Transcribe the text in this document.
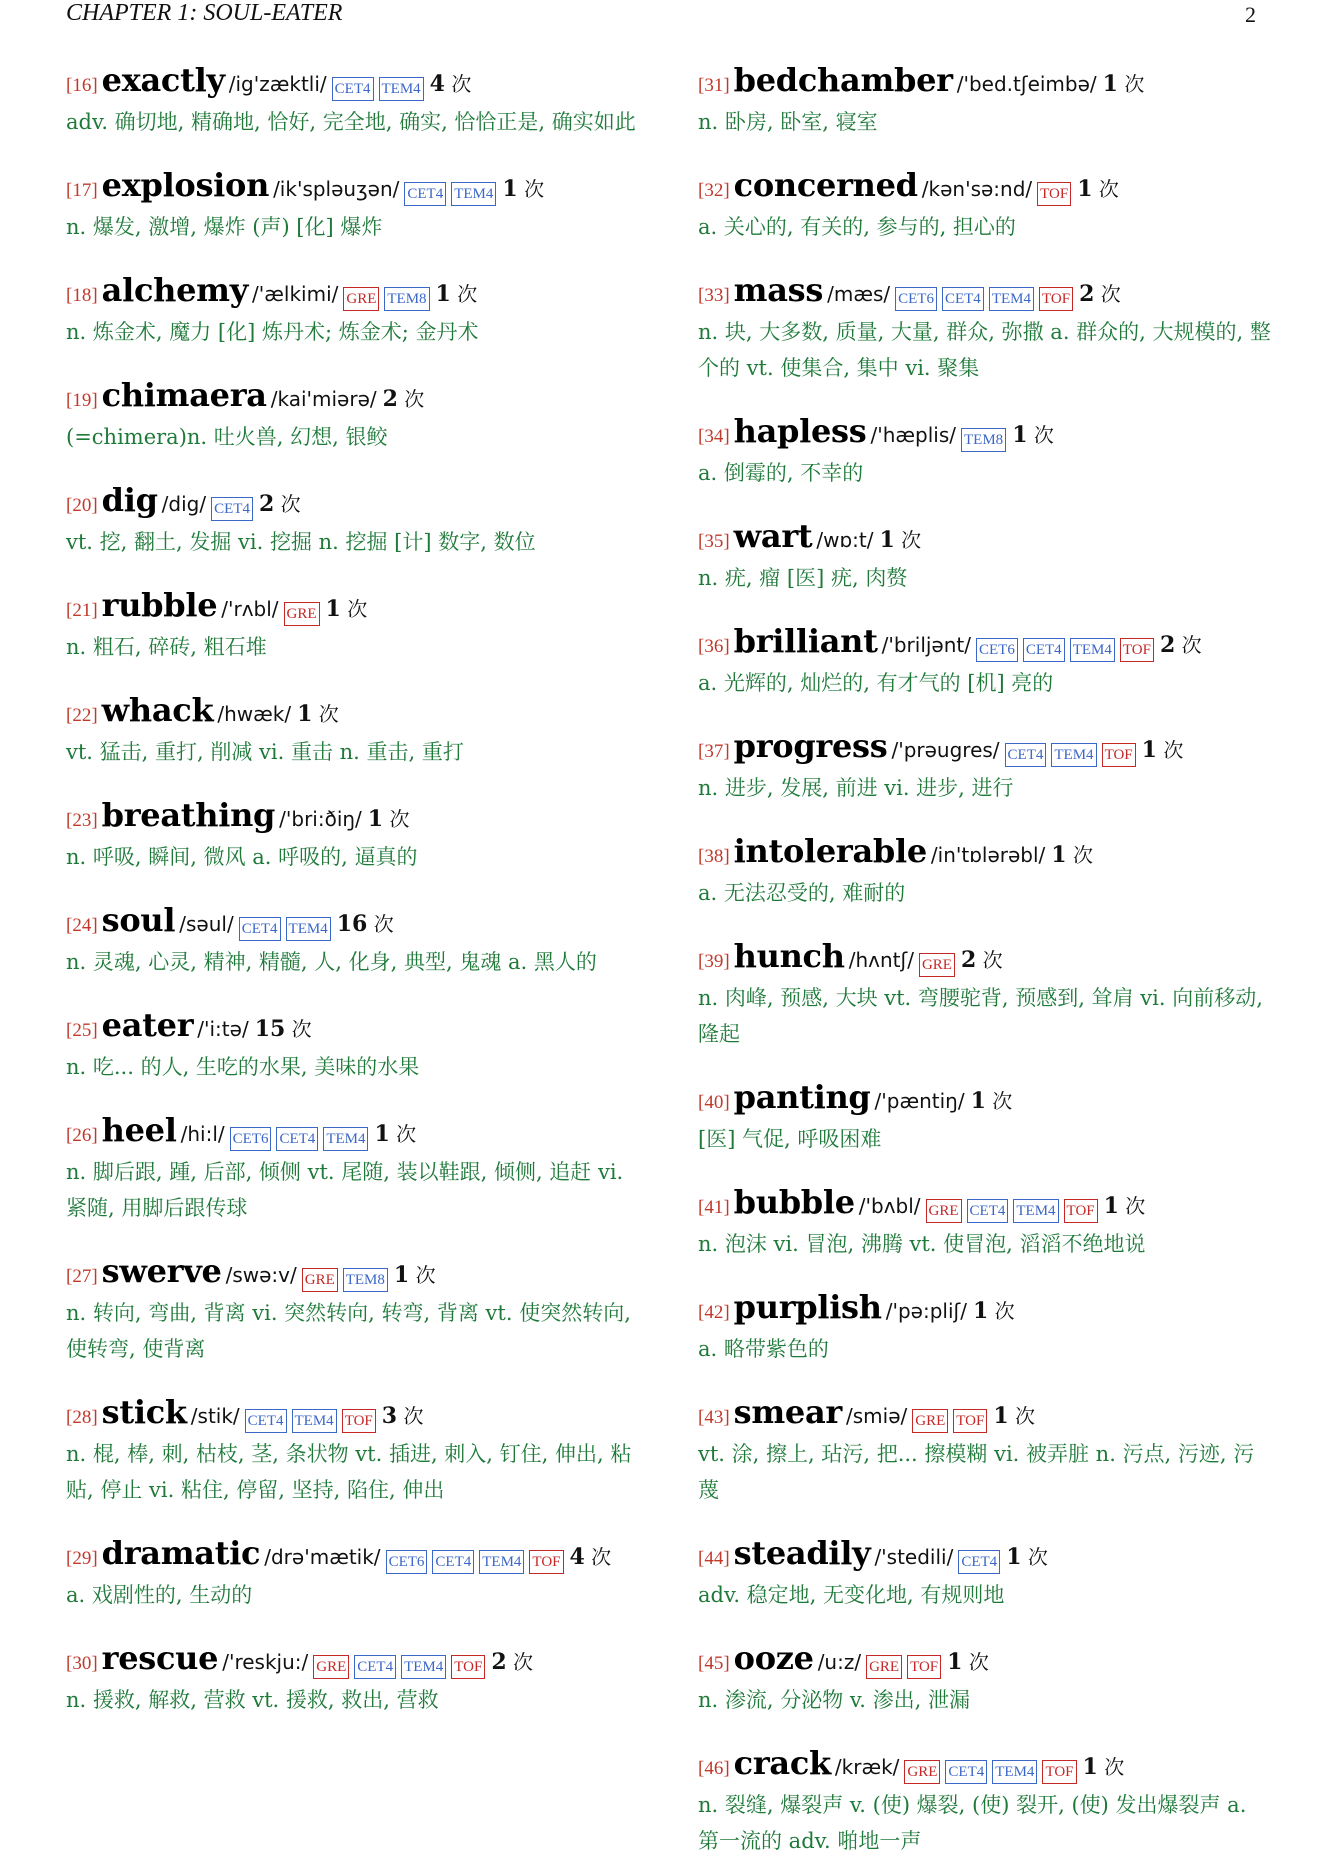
CHAPTER 1: SOUL-EATER	2
[16] exactly /ig'zæktli/ CET4 TEM4 4 次
adv. 确切地, 精确地, 恰好, 完全地, 确实, 恰恰正是, 确实如此
[17] explosion /ik'spləuʒən/ CET4 TEM4 1 次
n. 爆发, 激增, 爆炸 (声) [化] 爆炸
[18] alchemy /'ælkimi/ GRE TEM8 1 次
n. 炼金术, 魔力 [化] 炼丹术; 炼金术; 金丹术
[19] chimaera /kai'miərə/ 2 次
(=chimera)n. 吐火兽, 幻想, 银鲛
[20] dig /dig/ CET4 2 次
vt. 挖, 翻土, 发掘 vi. 挖掘 n. 挖掘 [计] 数字, 数位
[21] rubble /'rʌbl/ GRE 1 次
n. 粗石, 碎砖, 粗石堆
[22] whack /hwæk/ 1 次
vt. 猛击, 重打, 削减 vi. 重击 n. 重击, 重打
[23] breathing /'bri:ðiŋ/ 1 次
n. 呼吸, 瞬间, 微风 a. 呼吸的, 逼真的
[24] soul /səul/ CET4 TEM4 16 次
n. 灵魂, 心灵, 精神, 精髓, 人, 化身, 典型, 鬼魂 a. 黑人的
[25] eater /'i:tə/ 15 次
n. 吃... 的人, 生吃的水果, 美味的水果
[26] heel /hi:l/ CET6 CET4 TEM4 1 次
n. 脚后跟, 踵, 后部, 倾侧 vt. 尾随, 装以鞋跟, 倾侧, 追赶 vi. 紧随, 用脚后跟传球
[27] swerve /swə:v/ GRE TEM8 1 次
n. 转向, 弯曲, 背离 vi. 突然转向, 转弯, 背离 vt. 使突然转向, 使转弯, 使背离
[28] stick /stik/ CET4 TEM4 TOF 3 次
n. 棍, 棒, 刺, 枯枝, 茎, 条状物 vt. 插进, 刺入, 钉住, 伸出, 粘贴, 停止 vi. 粘住, 停留, 坚持, 陷住, 伸出
[29] dramatic /drə'mætik/ CET6 CET4 TEM4 TOF 4 次
a. 戏剧性的, 生动的
[30] rescue /'reskju:/ GRE CET4 TEM4 TOF 2 次
n. 援救, 解救, 营救 vt. 援救, 救出, 营救
[31] bedchamber /'bed.tʃeimbə/ 1 次
n. 卧房, 卧室, 寝室
[32] concerned /kən'sə:nd/ TOF 1 次
a. 关心的, 有关的, 参与的, 担心的
[33] mass /mæs/ CET6 CET4 TEM4 TOF 2 次
n. 块, 大多数, 质量, 大量, 群众, 弥撒 a. 群众的, 大规模的, 整个的 vt. 使集合, 集中 vi. 聚集
[34] hapless /'hæplis/ TEM8 1 次
a. 倒霉的, 不幸的
[35] wart /wɒ:t/ 1 次
n. 疣, 瘤 [医] 疣, 肉赘
[36] brilliant /'briljənt/ CET6 CET4 TEM4 TOF 2 次
a. 光辉的, 灿烂的, 有才气的 [机] 亮的
[37] progress /'prəugres/ CET4 TEM4 TOF 1 次
n. 进步, 发展, 前进 vi. 进步, 进行
[38] intolerable /in'tɒlərəbl/ 1 次
a. 无法忍受的, 难耐的
[39] hunch /hʌntʃ/ GRE 2 次
n. 肉峰, 预感, 大块 vt. 弯腰驼背, 预感到, 耸肩 vi. 向前移动, 隆起
[40] panting /'pæntiŋ/ 1 次
[医] 气促, 呼吸困难
[41] bubble /'bʌbl/ GRE CET4 TEM4 TOF 1 次
n. 泡沫 vi. 冒泡, 沸腾 vt. 使冒泡, 滔滔不绝地说
[42] purplish /'pə:pliʃ/ 1 次
a. 略带紫色的
[43] smear /smiə/ GRE TOF 1 次
vt. 涂, 擦上, 玷污, 把... 擦模糊 vi. 被弄脏 n. 污点, 污迹, 污蔑
[44] steadily /'stedili/ CET4 1 次
adv. 稳定地, 无变化地, 有规则地
[45] ooze /u:z/ GRE TOF 1 次
n. 渗流, 分泌物 v. 渗出, 泄漏
[46] crack /kræk/ GRE CET4 TEM4 TOF 1 次
n. 裂缝, 爆裂声 v. (使) 爆裂, (使) 裂开, (使) 发出爆裂声 a. 第一流的 adv. 啪地一声
